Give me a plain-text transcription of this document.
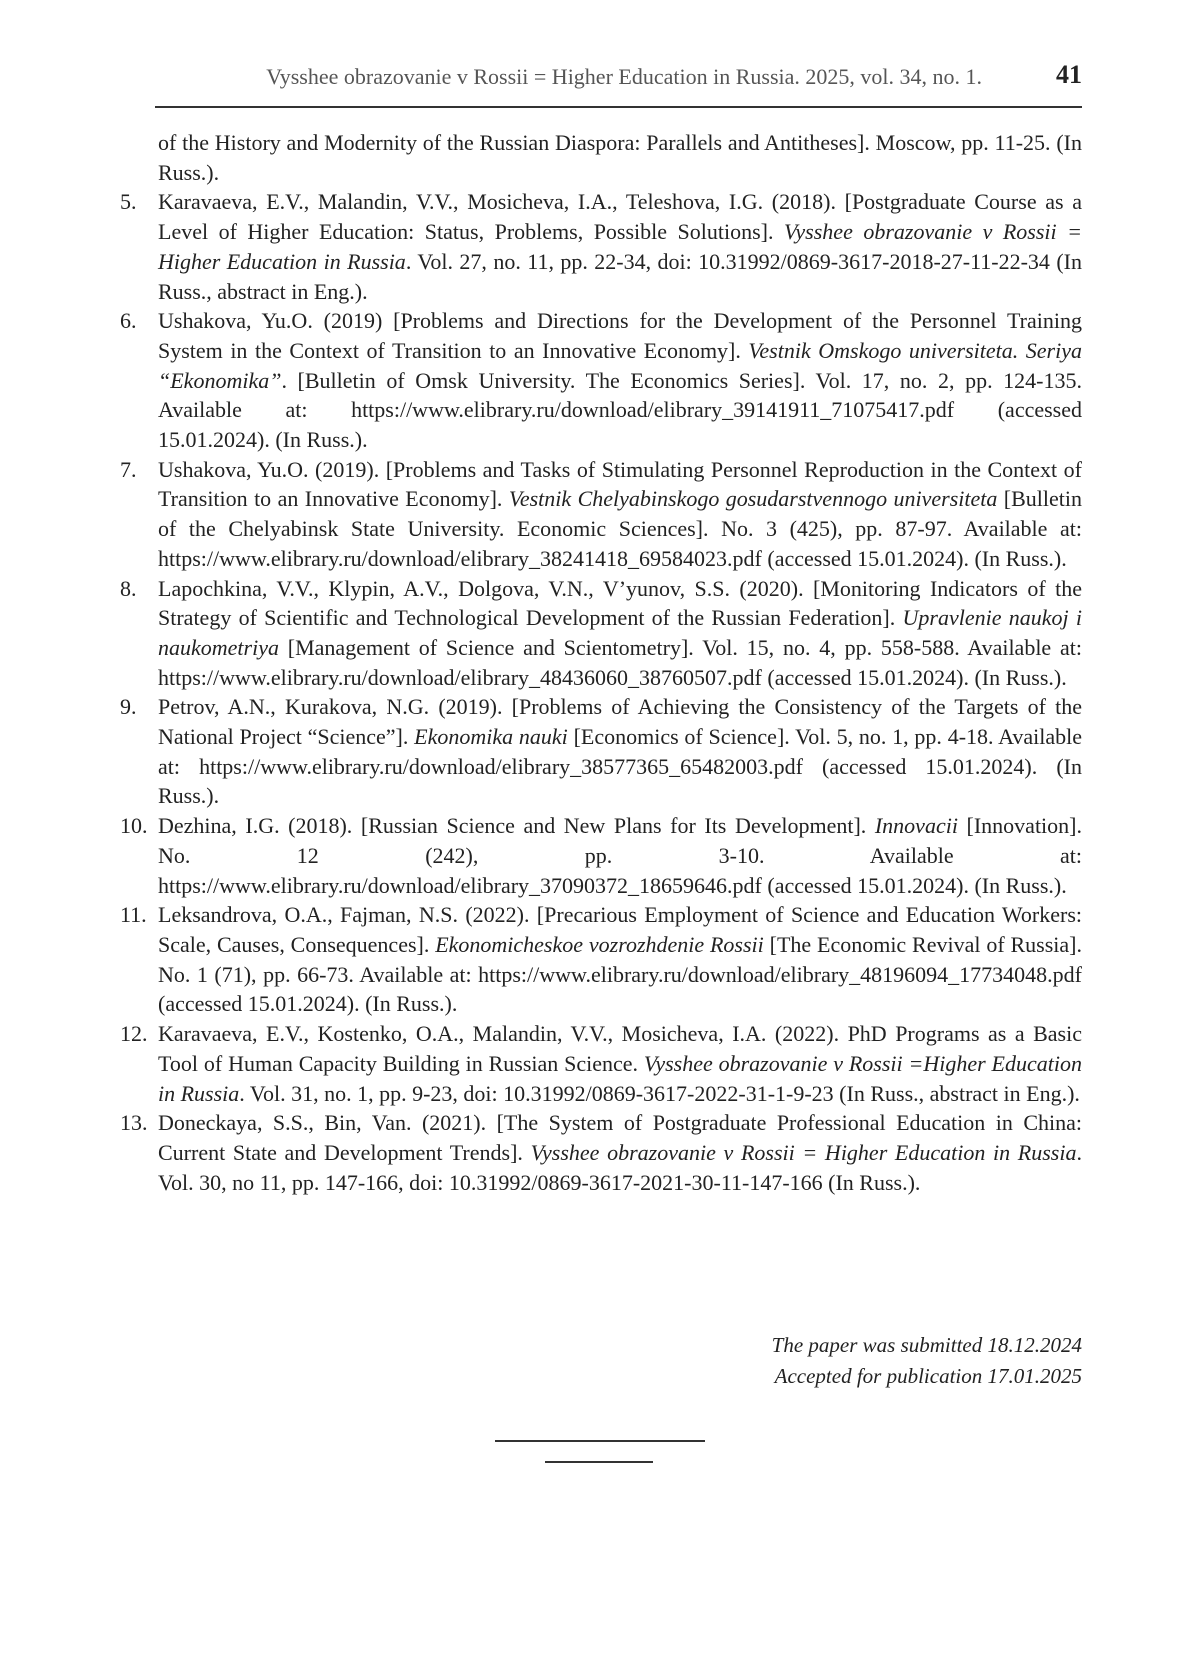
Vysshee obrazovanie v Rossii = Higher Education in Russia. 2025, vol. 34, no. 1.	41
of the History and Modernity of the Russian Diaspora: Parallels and Antitheses]. Moscow, pp. 11-25. (In Russ.).
5. Karavaeva, E.V., Malandin, V.V., Mosicheva, I.A., Teleshova, I.G. (2018). [Postgraduate Course as a Level of Higher Education: Status, Problems, Possible Solutions]. Vysshee obrazovanie v Rossii = Higher Education in Russia. Vol. 27, no. 11, pp. 22-34, doi: 10.31992/0869-3617-2018-27-11-22-34 (In Russ., abstract in Eng.).
6. Ushakova, Yu.O. (2019) [Problems and Directions for the Development of the Personnel Training System in the Context of Transition to an Innovative Economy]. Vestnik Omskogo universiteta. Seriya “Ekonomika”. [Bulletin of Omsk University. The Economics Series]. Vol. 17, no. 2, pp. 124-135. Available at: https://www.elibrary.ru/download/elibrary_39141911_71075417.pdf (accessed 15.01.2024). (In Russ.).
7. Ushakova, Yu.O. (2019). [Problems and Tasks of Stimulating Personnel Reproduction in the Context of Transition to an Innovative Economy]. Vestnik Chelyabinskogo gosudarstvennogo universiteta [Bulletin of the Chelyabinsk State University. Economic Sciences]. No. 3 (425), pp. 87-97. Available at: https://www.elibrary.ru/download/elibrary_38241418_69584023.pdf (accessed 15.01.2024). (In Russ.).
8. Lapochkina, V.V., Klypin, A.V., Dolgova, V.N., V’yunov, S.S. (2020). [Monitoring Indicators of the Strategy of Scientific and Technological Development of the Russian Federation]. Upravlenie naukoj i naukometriya [Management of Science and Scientometry]. Vol. 15, no. 4, pp. 558-588. Available at: https://www.elibrary.ru/download/elibrary_48436060_38760507.pdf (accessed 15.01.2024). (In Russ.).
9. Petrov, A.N., Kurakova, N.G. (2019). [Problems of Achieving the Consistency of the Targets of the National Project “Science”]. Ekonomika nauki [Economics of Science]. Vol. 5, no. 1, pp. 4-18. Available at: https://www.elibrary.ru/download/elibrary_38577365_65482003.pdf (accessed 15.01.2024). (In Russ.).
10. Dezhina, I.G. (2018). [Russian Science and New Plans for Its Development]. Innovacii [Innovation]. No. 12 (242), pp. 3-10. Available at: https://www.elibrary.ru/download/elibrary_37090372_18659646.pdf (accessed 15.01.2024). (In Russ.).
11. Leksandrova, O.A., Fajman, N.S. (2022). [Precarious Employment of Science and Education Workers: Scale, Causes, Consequences]. Ekonomicheskoe vozrozhdenie Rossii [The Economic Revival of Russia]. No. 1 (71), pp. 66-73. Available at: https://www.elibrary.ru/download/elibrary_48196094_17734048.pdf (accessed 15.01.2024). (In Russ.).
12. Karavaeva, E.V., Kostenko, O.A., Malandin, V.V., Mosicheva, I.A. (2022). PhD Programs as a Basic Tool of Human Capacity Building in Russian Science. Vysshee obrazovanie v Rossii =Higher Education in Russia. Vol. 31, no. 1, pp. 9-23, doi: 10.31992/0869-3617-2022-31-1-9-23 (In Russ., abstract in Eng.).
13. Doneckaya, S.S., Bin, Van. (2021). [The System of Postgraduate Professional Education in China: Current State and Development Trends]. Vysshee obrazovanie v Rossii = Higher Education in Russia. Vol. 30, no 11, pp. 147-166, doi: 10.31992/0869-3617-2021-30-11-147-166 (In Russ.).
The paper was submitted 18.12.2024
Accepted for publication 17.01.2025
